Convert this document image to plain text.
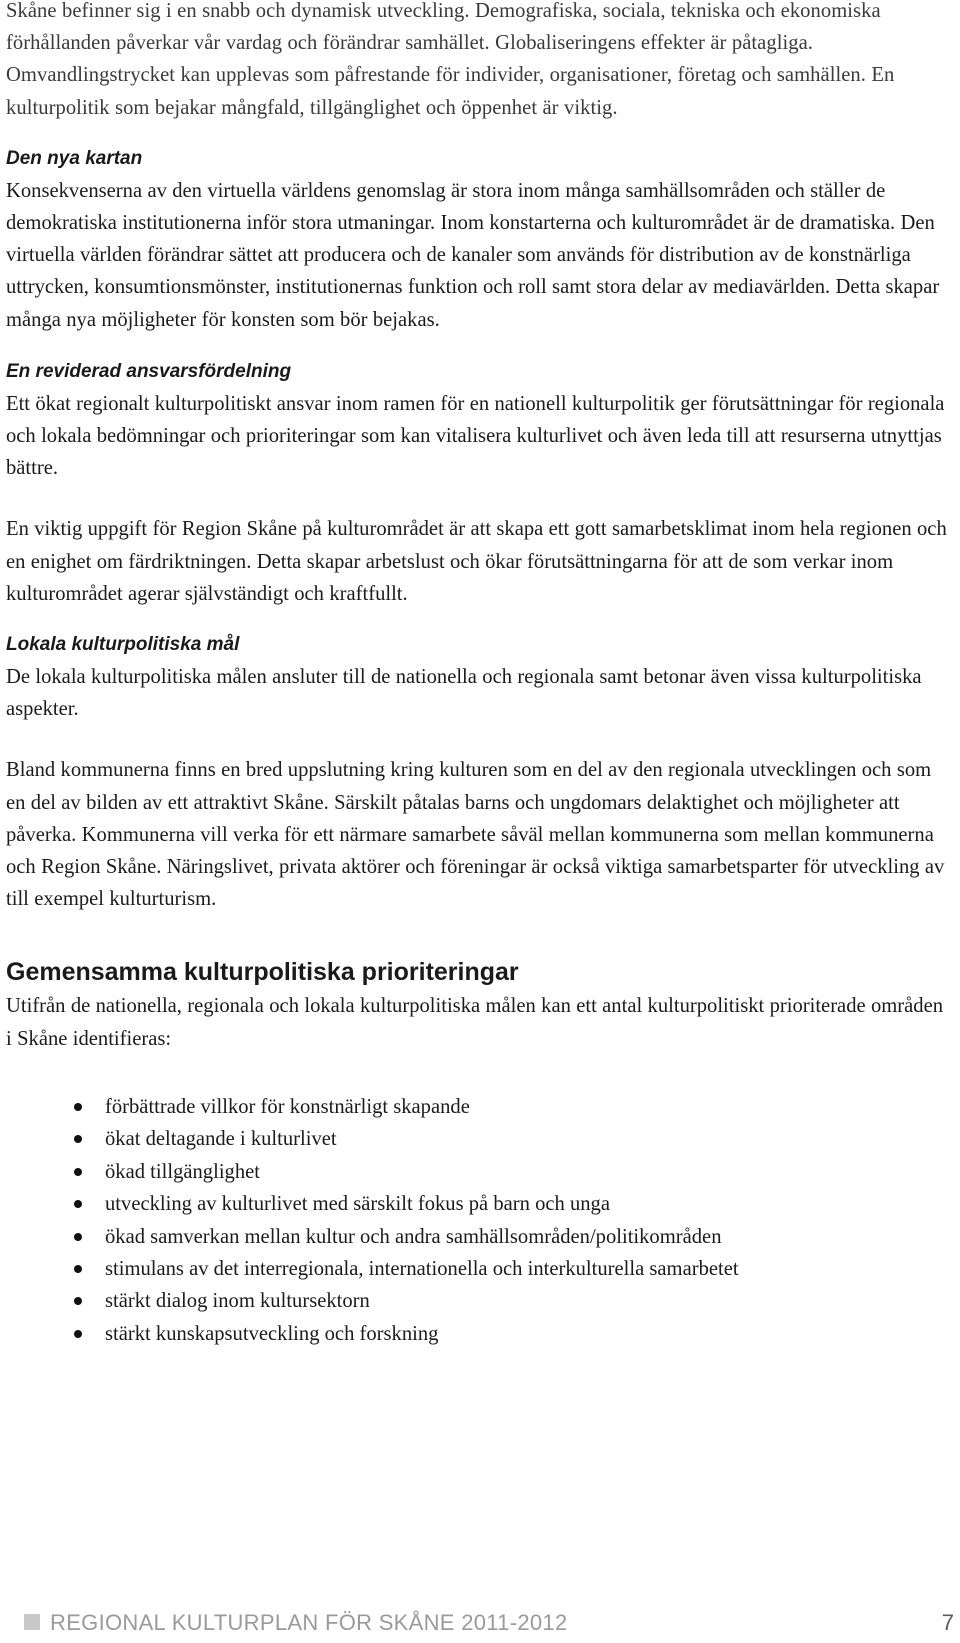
Skåne befinner sig i en snabb och dynamisk utveckling. Demografiska, sociala, tekniska och ekonomiska förhållanden påverkar vår vardag och förändrar samhället. Globaliseringens effekter är påtagliga. Omvandlingstrycket kan upplevas som påfrestande för individer, organisationer, företag och samhällen. En kulturpolitik som bejakar mångfald, tillgänglighet och öppenhet är viktig.

Den nya kartan

Konsekvenserna av den virtuella världens genomslag är stora inom många samhällsområden och ställer de demokratiska institutionerna inför stora utmaningar. Inom konstarterna och kulturområdet är de dramatiska. Den virtuella världen förändrar sättet att producera och de kanaler som används för distribution av de konstnärliga uttrycken, konsumtionsmönster, institutionernas funktion och roll samt stora delar av mediavärlden. Detta skapar många nya möjligheter för konsten som bör bejakas.

En reviderad ansvarsfördelning

Ett ökat regionalt kulturpolitiskt ansvar inom ramen för en nationell kulturpolitik ger förutsättningar för regionala och lokala bedömningar och prioriteringar som kan vitalisera kulturlivet och även leda till att resurserna utnyttjas bättre.

En viktig uppgift för Region Skåne på kulturområdet är att skapa ett gott samarbetsklimat inom hela regionen och en enighet om färdriktningen. Detta skapar arbetslust och ökar förutsättningarna för att de som verkar inom kulturområdet agerar självständigt och kraftfullt.

Lokala kulturpolitiska mål

De lokala kulturpolitiska målen ansluter till de nationella och regionala samt betonar även vissa kulturpolitiska aspekter.

Bland kommunerna finns en bred uppslutning kring kulturen som en del av den regionala utvecklingen och som en del av bilden av ett attraktivt Skåne. Särskilt påtalas barns och ungdomars delaktighet och möjligheter att påverka. Kommunerna vill verka för ett närmare samarbete såväl mellan kommunerna som mellan kommunerna och Region Skåne. Näringslivet, privata aktörer och föreningar är också viktiga samarbetsparter för utveckling av till exempel kulturturism.

Gemensamma kulturpolitiska prioriteringar

Utifrån de nationella, regionala och lokala kulturpolitiska målen kan ett antal kulturpolitiskt prioriterade områden i Skåne identifieras:

förbättrade villkor för konstnärligt skapande
ökat deltagande i kulturlivet
ökad tillgänglighet
utveckling av kulturlivet med särskilt fokus på barn och unga
ökad samverkan mellan kultur och andra samhällsområden/politikområden
stimulans av det interregionala, internationella och interkulturella samarbetet
stärkt dialog inom kultursektorn
stärkt kunskapsutveckling och forskning
REGIONAL KULTURPLAN FÖR SKÅNE 2011-2012	7
